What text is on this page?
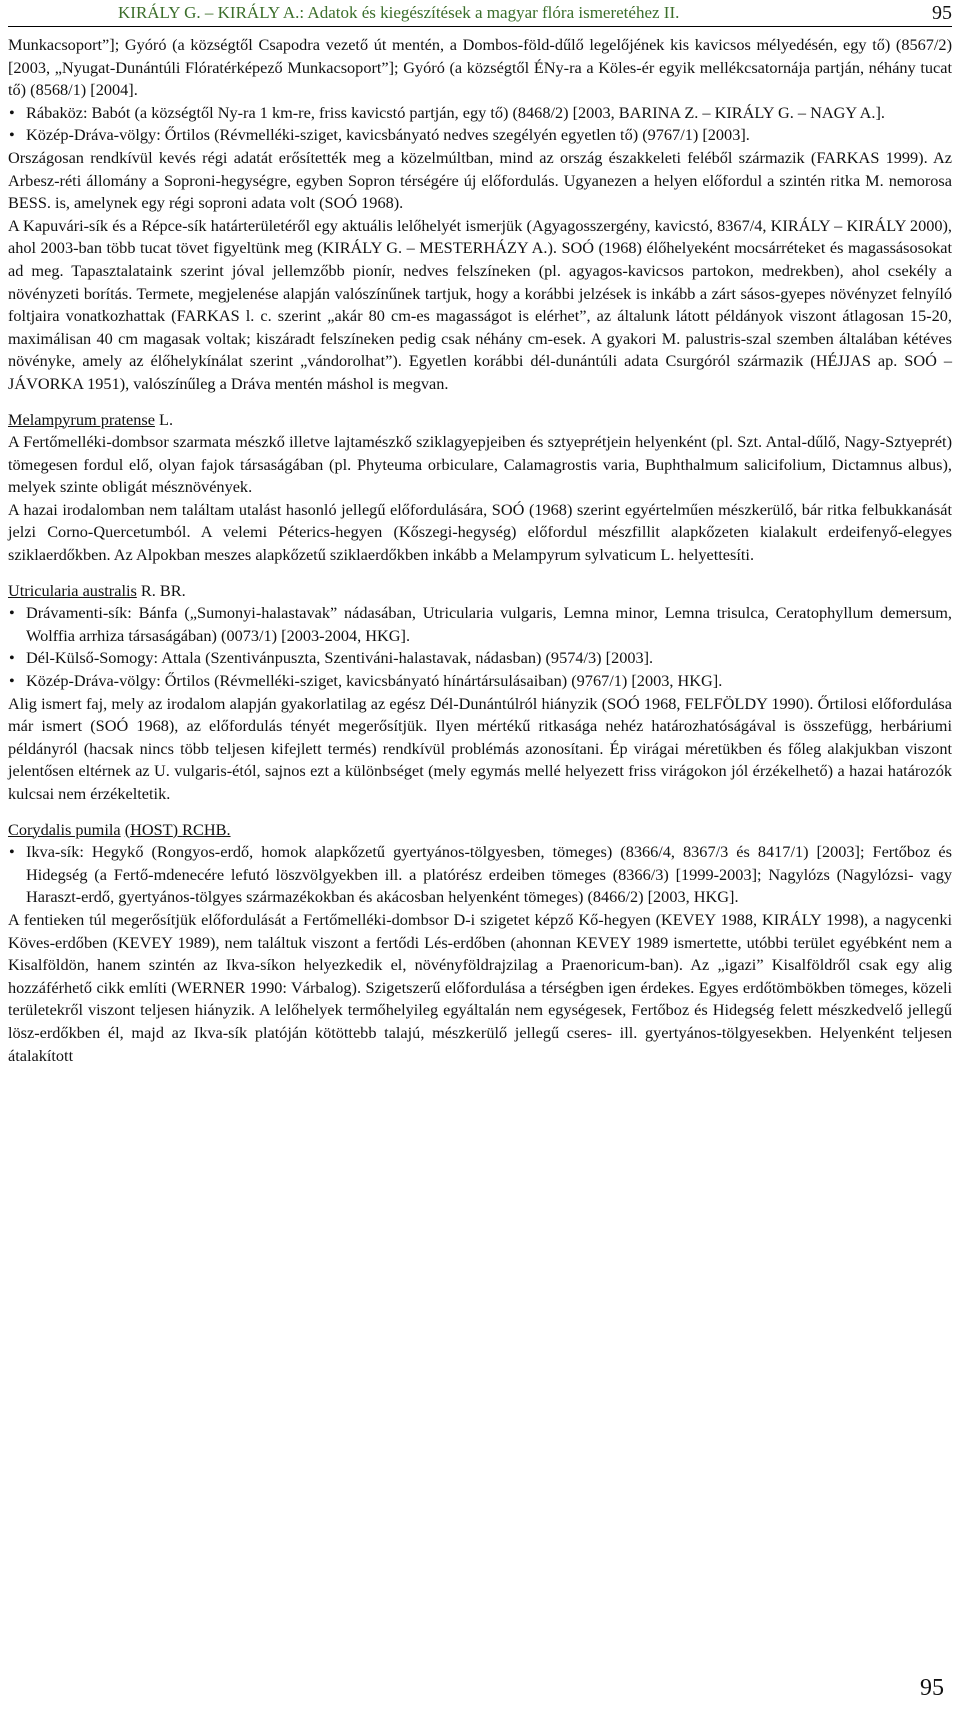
KIRÁLY G. – KIRÁLY A.: Adatok és kiegészítések a magyar flóra ismeretéhez II.	95

Munkacsoport”]; Gyóró (a községtől Csapodra vezető út mentén, a Dombos-föld-dűlő legelőjének kis kavicsos mélyedésén, egy tő) (8567/2) [2003, „Nyugat-Dunántúli Flóratérképező Munkacsoport”]; Gyóró (a községtől ÉNy-ra a Köles-ér egyik mellékcsatornája partján, néhány tucat tő) (8568/1) [2004].

• Rábaköz: Babót (a községtől Ny-ra 1 km-re, friss kavicstó partján, egy tő) (8468/2) [2003, BARINA Z. – KIRÁLY G. – NAGY A.].

• Közép-Dráva-völgy: Őrtilos (Révmelléki-sziget, kavicsbányató nedves szegélyén egyetlen tő) (9767/1) [2003].

Országosan rendkívül kevés régi adatát erősítették meg a közelmúltban, mind az ország északkeleti feléből származik (FARKAS 1999). Az Arbesz-réti állomány a Soproni-hegységre, egyben Sopron térségére új előfordulás. Ugyanezen a helyen előfordul a szintén ritka M. nemorosa BESS. is, amelynek egy régi soproni adata volt (SOÓ 1968).

A Kapuvári-sík és a Répce-sík határterületéről egy aktuális lelőhelyét ismerjük (Agyagosszergény, kavicstó, 8367/4, KIRÁLY – KIRÁLY 2000), ahol 2003-ban több tucat tövet figyeltünk meg (KIRÁLY G. – MESTERHÁZY A.). SOÓ (1968) élőhelyeként mocsárréteket és magassásosokat ad meg. Tapasztalataink szerint jóval jellemzőbb pionír, nedves felszíneken (pl. agyagos-kavicsos partokon, medrekben), ahol csekély a növényzeti borítás. Termete, megjelenése alapján valószínűnek tartjuk, hogy a korábbi jelzések is inkább a zárt sásos-gyepes növényzet felnyíló foltjaira vonatkozhattak (FARKAS l. c. szerint „akár 80 cm-es magasságot is elérhet”, az általunk látott példányok viszont átlagosan 15-20, maximálisan 40 cm magasak voltak; kiszáradt felszíneken pedig csak néhány cm-esek. A gyakori M. palustris-szal szemben általában kétéves növényke, amely az élőhelykínálat szerint „vándorolhat”). Egyetlen korábbi dél-dunántúli adata Csurgóról származik (HÉJJAS ap. SOÓ – JÁVORKA 1951), valószínűleg a Dráva mentén máshol is megvan.

Melampyrum pratense L.

A Fertőmelléki-dombsor szarmata mészkő illetve lajtamészkő sziklagyepjeiben és sztyeprétjein helyenként (pl. Szt. Antal-dűlő, Nagy-Sztyeprét) tömegesen fordul elő, olyan fajok társaságában (pl. Phyteuma orbiculare, Calamagrostis varia, Buphthalmum salicifolium, Dictamnus albus), melyek szinte obligát mésznövények.

A hazai irodalomban nem találtam utalást hasonló jellegű előfordulására, SOÓ (1968) szerint egyértelműen mészkerülő, bár ritka felbukkanását jelzi Corno-Quercetumból. A velemi Péterics-hegyen (Kőszegi-hegység) előfordul mészfillit alapkőzeten kialakult erdeifenyő-elegyes sziklaerdőkben. Az Alpokban meszes alapkőzetű sziklaerdőkben inkább a Melampyrum sylvaticum L. helyettesíti.

Utricularia australis R. BR.

• Drávamenti-sík: Bánfa („Sumonyi-halastavak” nádasában, Utricularia vulgaris, Lemna minor, Lemna trisulca, Ceratophyllum demersum, Wolffia arrhiza társaságában) (0073/1) [2003-2004, HKG].

• Dél-Külső-Somogy: Attala (Szentivánpuszta, Szentiváni-halastavak, nádasban) (9574/3) [2003].

• Közép-Dráva-völgy: Őrtilos (Révmelléki-sziget, kavicsbányató hínártársulásaiban) (9767/1) [2003, HKG].

Alig ismert faj, mely az irodalom alapján gyakorlatilag az egész Dél-Dunántúlról hiányzik (SOÓ 1968, FELFÖLDY 1990). Őrtilosi előfordulása már ismert (SOÓ 1968), az előfordulás tényét megerősítjük. Ilyen mértékű ritkasága nehéz határozhatóságával is összefügg, herbáriumi példányról (hacsak nincs több teljesen kifejlett termés) rendkívül problémás azonosítani. Ép virágai méretükben és főleg alakjukban viszont jelentősen eltérnek az U. vulgaris-étól, sajnos ezt a különbséget (mely egymás mellé helyezett friss virágokon jól érzékelhető) a hazai határozók kulcsai nem érzékeltetik.

Corydalis pumila (HOST) RCHB.

• Ikva-sík: Hegykő (Rongyos-erdő, homok alapkőzetű gyertyános-tölgyesben, tömeges) (8366/4, 8367/3 és 8417/1) [2003]; Fertőboz és Hidegség (a Fertő-mdenecére lefutó löszvölgyekben ill. a platórész erdeiben tömeges (8366/3) [1999-2003]; Nagylózs (Nagylózsi- vagy Haraszt-erdő, gyertyános-tölgyes származékokban és akácosban helyenként tömeges) (8466/2) [2003, HKG].

A fentieken túl megerősítjük előfordulását a Fertőmelléki-dombsor D-i szigetet képző Kő-hegyen (KEVEY 1988, KIRÁLY 1998), a nagycenki Köves-erdőben (KEVEY 1989), nem találtuk viszont a fertődi Lés-erdőben (ahonnan KEVEY 1989 ismertette, utóbbi terület egyébként nem a Kisalföldön, hanem szintén az Ikva-síkon helyezkedik el, növényföldrajzilag a Praenoricum-ban). Az „igazi” Kisalföldről csak egy alig hozzáférhető cikk említi (WERNER 1990: Várbalog). Szigetszerű előfordulása a térségben igen érdekes. Egyes erdőtömbökben tömeges, közeli területekről viszont teljesen hiányzik. A lelőhelyek termőhelyileg egyáltalán nem egységesek, Fertőboz és Hidegség felett mészkedvelő jellegű lösz-erdőkben él, majd az Ikva-sík platóján kötöttebb talajú, mészkerülő jellegű cseres- ill. gyertyános-tölgyesekben. Helyenként teljesen átalakított

95
